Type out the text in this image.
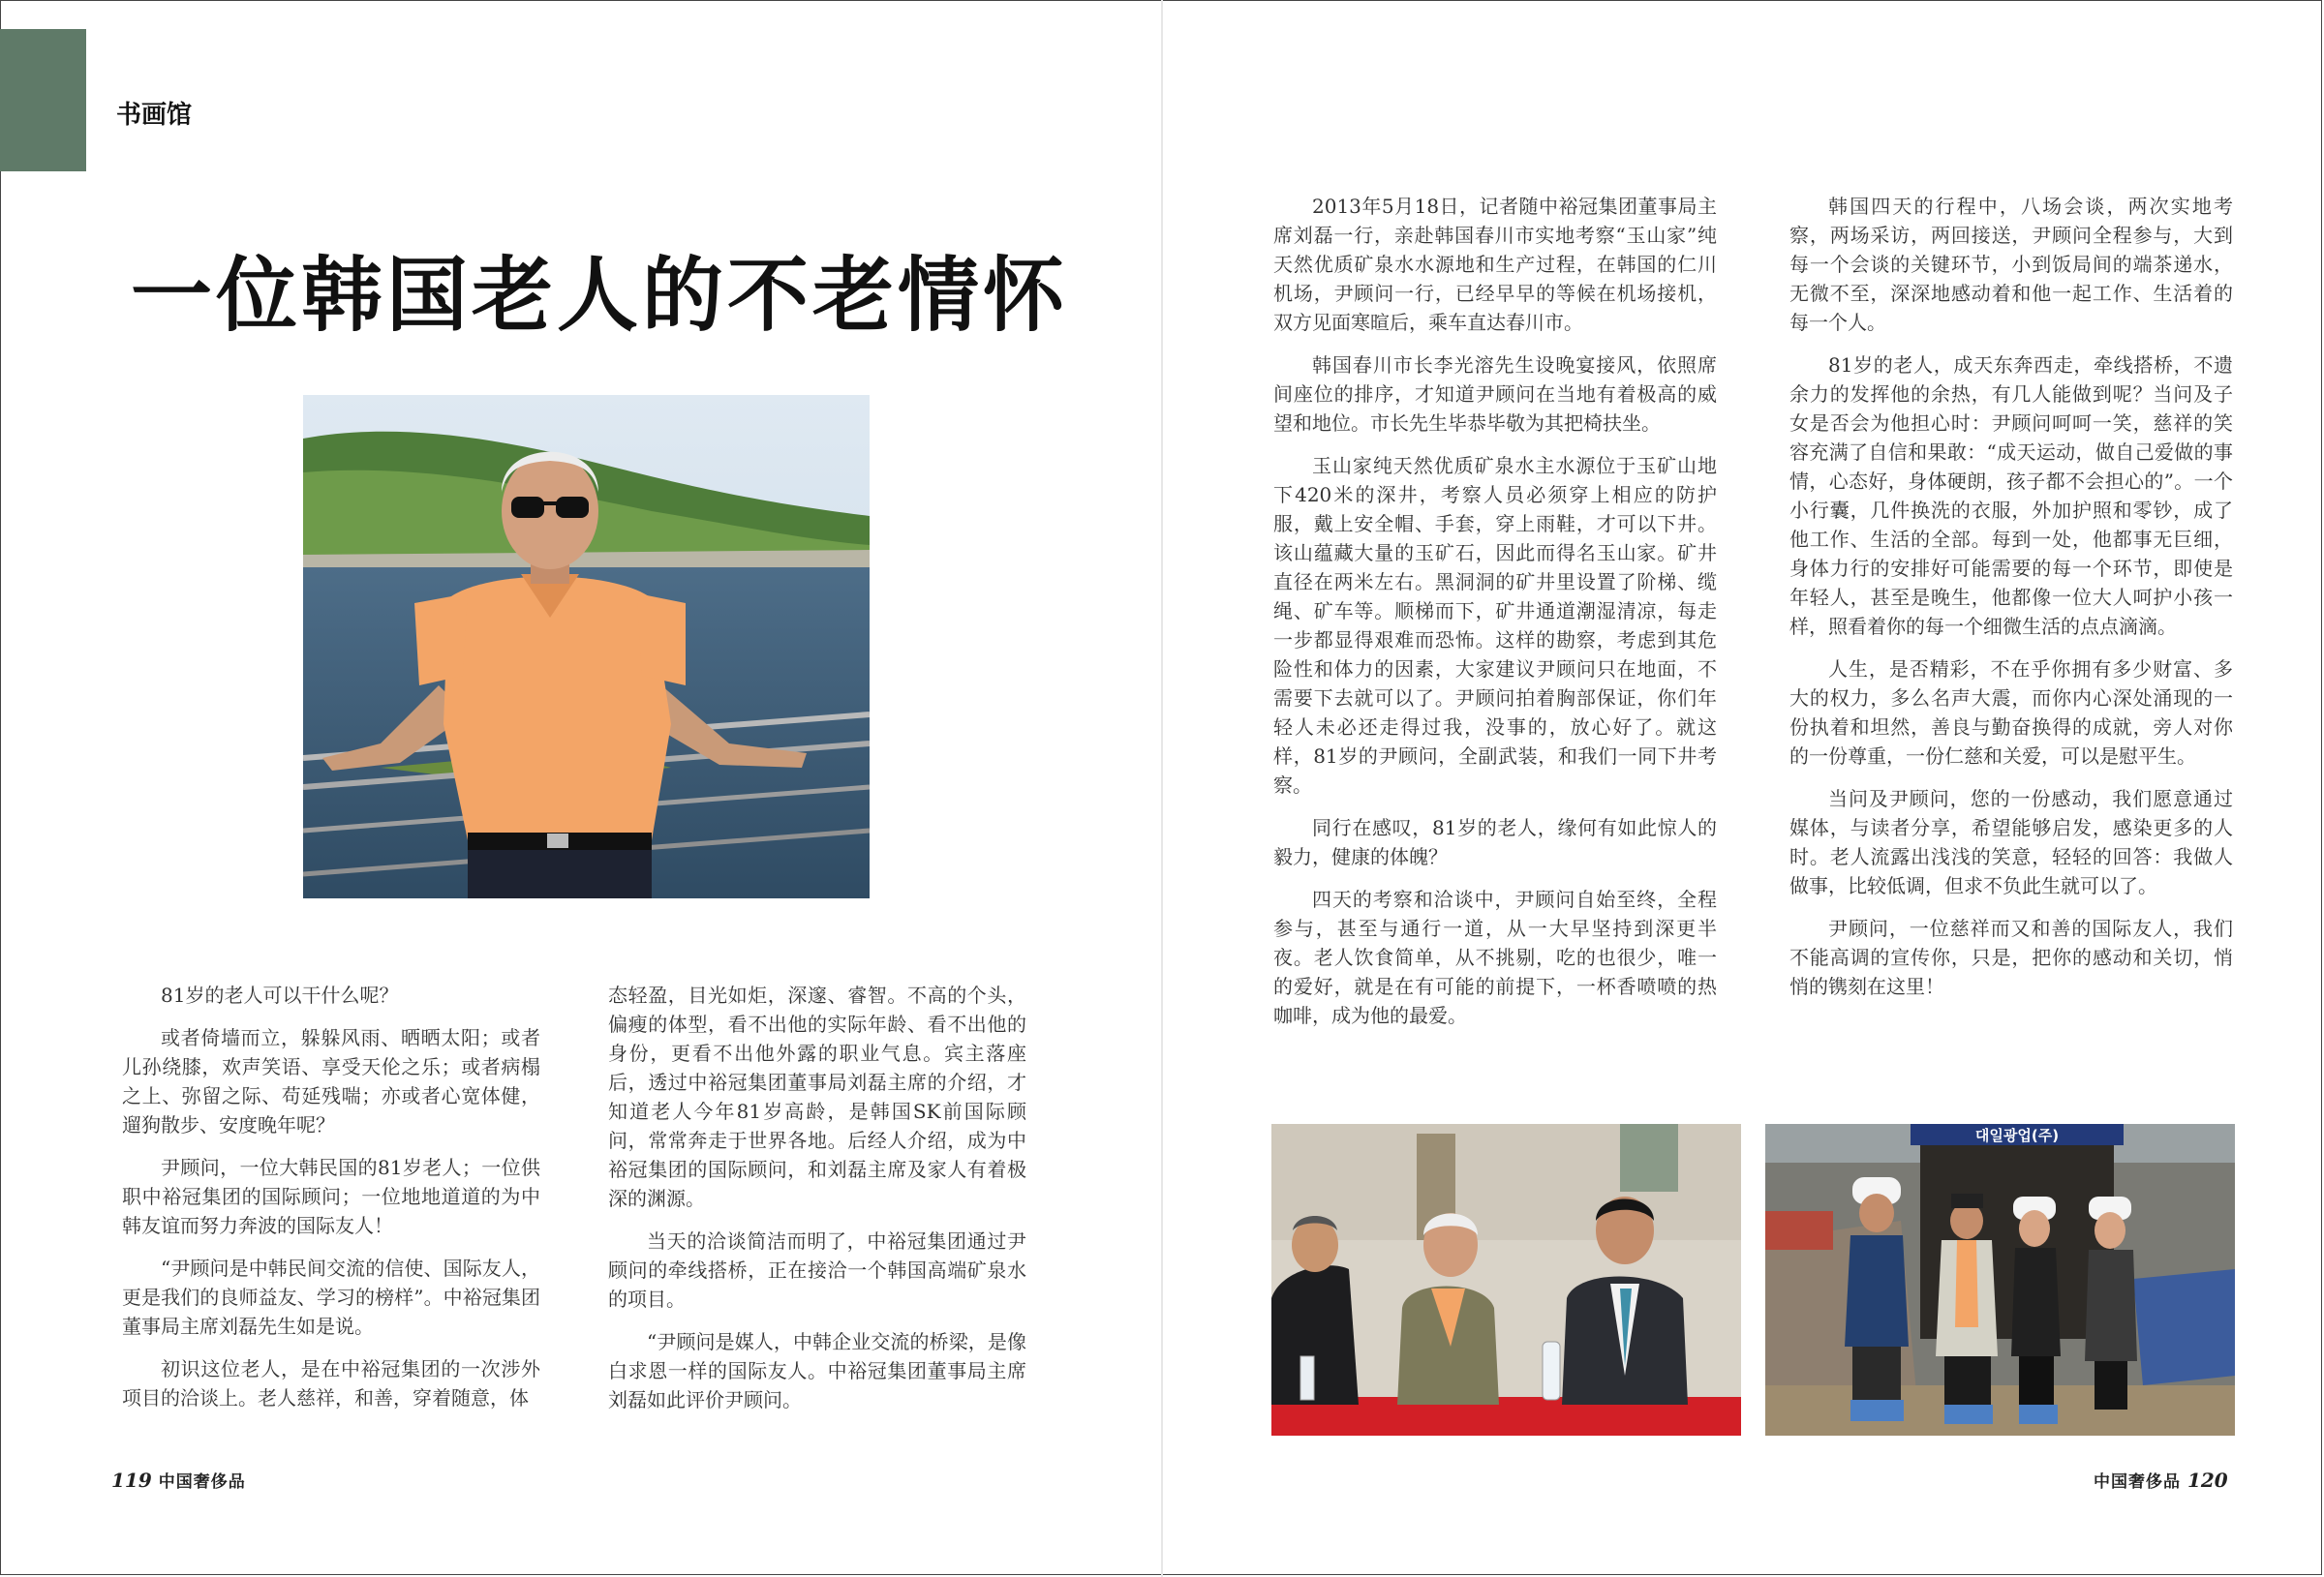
书画馆
一位韩国老人的不老情怀

81岁的老人可以干什么呢？

或者倚墙而立，躲躲风雨、晒晒太阳；或者儿孙绕膝，欢声笑语、享受天伦之乐；或者病榻之上、弥留之际、苟延残喘；亦或者心宽体健，遛狗散步、安度晚年呢？

尹顾问，一位大韩民国的81岁老人；一位供职中裕冠集团的国际顾问；一位地地道道的为中韩友谊而努力奔波的国际友人！

“尹顾问是中韩民间交流的信使、国际友人，更是我们的良师益友、学习的榜样”。中裕冠集团董事局主席刘磊先生如是说。

初识这位老人，是在中裕冠集团的一次涉外项目的洽谈上。老人慈祥，和善，穿着随意，体

态轻盈，目光如炬，深邃、睿智。不高的个头，偏瘦的体型，看不出他的实际年龄、看不出他的身份，更看不出他外露的职业气息。宾主落座后，透过中裕冠集团董事局刘磊主席的介绍，才知道老人今年81岁高龄，是韩国SK前国际顾问，常常奔走于世界各地。后经人介绍，成为中裕冠集团的国际顾问，和刘磊主席及家人有着极深的渊源。

当天的洽谈简洁而明了，中裕冠集团通过尹顾问的牵线搭桥，正在接洽一个韩国高端矿泉水的项目。

“尹顾问是媒人，中韩企业交流的桥梁，是像白求恩一样的国际友人。中裕冠集团董事局主席刘磊如此评价尹顾问。

2013年5月18日，记者随中裕冠集团董事局主席刘磊一行，亲赴韩国春川市实地考察“玉山家”纯天然优质矿泉水水源地和生产过程，在韩国的仁川机场，尹顾问一行，已经早早的等候在机场接机，双方见面寒暄后，乘车直达春川市。

韩国春川市长李光溶先生设晚宴接风，依照席间座位的排序，才知道尹顾问在当地有着极高的威望和地位。市长先生毕恭毕敬为其把椅扶坐。

玉山家纯天然优质矿泉水主水源位于玉矿山地下420米的深井，考察人员必须穿上相应的防护服，戴上安全帽、手套，穿上雨鞋，才可以下井。该山蕴藏大量的玉矿石，因此而得名玉山家。矿井直径在两米左右。黑洞洞的矿井里设置了阶梯、缆绳、矿车等。顺梯而下，矿井通道潮湿清凉，每走一步都显得艰难而恐怖。这样的勘察，考虑到其危险性和体力的因素，大家建议尹顾问只在地面，不需要下去就可以了。尹顾问拍着胸部保证，你们年轻人未必还走得过我，没事的，放心好了。就这样，81岁的尹顾问，全副武装，和我们一同下井考察。

同行在感叹，81岁的老人，缘何有如此惊人的毅力，健康的体魄？

四天的考察和洽谈中，尹顾问自始至终，全程参与，甚至与通行一道，从一大早坚持到深更半夜。老人饮食简单，从不挑剔，吃的也很少，唯一的爱好，就是在有可能的前提下，一杯香喷喷的热咖啡，成为他的最爱。

韩国四天的行程中，八场会谈，两次实地考察，两场采访，两回接送，尹顾问全程参与，大到每一个会谈的关键环节，小到饭局间的端茶递水，无微不至，深深地感动着和他一起工作、生活着的每一个人。

81岁的老人，成天东奔西走，牵线搭桥，不遗余力的发挥他的余热，有几人能做到呢？当问及子女是否会为他担心时：尹顾问呵呵一笑，慈祥的笑容充满了自信和果敢：“成天运动，做自己爱做的事情，心态好，身体硬朗，孩子都不会担心的”。一个小行囊，几件换洗的衣服，外加护照和零钞，成了他工作、生活的全部。每到一处，他都事无巨细，身体力行的安排好可能需要的每一个环节，即使是年轻人，甚至是晚生，他都像一位大人呵护小孩一样，照看着你的每一个细微生活的点点滴滴。

人生，是否精彩，不在乎你拥有多少财富、多大的权力，多么名声大震，而你内心深处涌现的一份执着和坦然，善良与勤奋换得的成就，旁人对你的一份尊重，一份仁慈和关爱，可以是慰平生。

当问及尹顾问，您的一份感动，我们愿意通过媒体，与读者分享，希望能够启发，感染更多的人时。老人流露出浅浅的笑意，轻轻的回答：我做人做事，比较低调，但求不负此生就可以了。

尹顾问，一位慈祥而又和善的国际友人，我们不能高调的宣传你，只是，把你的感动和关切，悄悄的镌刻在这里！

대일광업(주)
119 中国奢侈品	中国奢侈品 120
